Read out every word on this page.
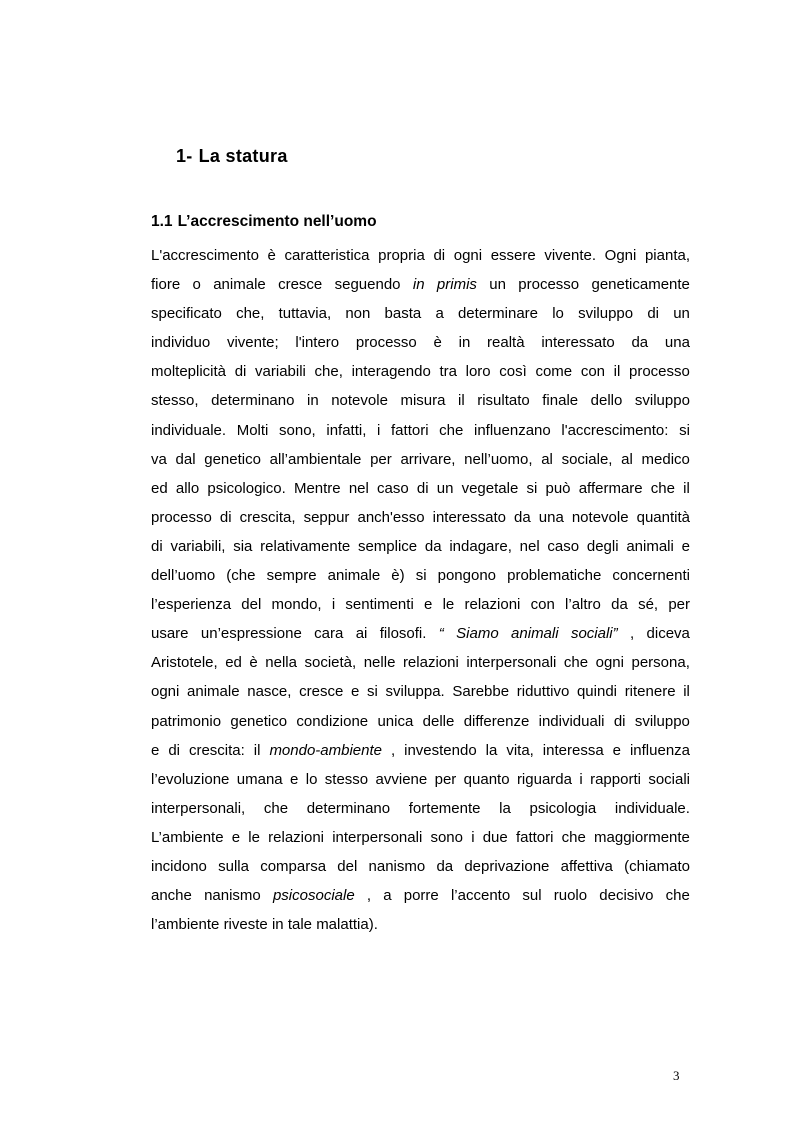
1- La statura
1.1 L’accrescimento nell’uomo
L'accrescimento è caratteristica propria di ogni essere vivente. Ogni pianta,
fiore o animale cresce seguendo in primis un processo geneticamente
specificato che, tuttavia, non basta a determinare lo sviluppo di un
individuo vivente; l'intero processo è in realtà interessato da una
molteplicità di variabili che, interagendo tra loro così come con il processo
stesso, determinano in notevole misura il risultato finale dello sviluppo
individuale. Molti sono, infatti, i fattori che influenzano l'accrescimento: si
va dal genetico all’ambientale per arrivare, nell’uomo, al sociale, al medico
ed allo psicologico. Mentre nel caso di un vegetale si può affermare che il
processo di crescita, seppur anch'esso interessato da una notevole quantità
di variabili, sia relativamente semplice da indagare, nel caso degli animali e
dell’uomo (che sempre animale è) si pongono problematiche concernenti
l’esperienza del mondo, i sentimenti e le relazioni con l’altro da sé, per
usare un’espressione cara ai filosofi. “ Siamo animali sociali” , diceva
Aristotele, ed è nella società, nelle relazioni interpersonali che ogni persona,
ogni animale nasce, cresce e si sviluppa. Sarebbe riduttivo quindi ritenere il
patrimonio genetico condizione unica delle differenze individuali di sviluppo
e di crescita: il mondo-ambiente , investendo la vita, interessa e influenza
l’evoluzione umana e lo stesso avviene per quanto riguarda i rapporti sociali
interpersonali, che determinano fortemente la psicologia individuale.
L’ambiente e le relazioni interpersonali sono i due fattori che maggiormente
incidono sulla comparsa del nanismo da deprivazione affettiva (chiamato
anche nanismo psicosociale , a porre l’accento sul ruolo decisivo che
l’ambiente riveste in tale malattia).
3
